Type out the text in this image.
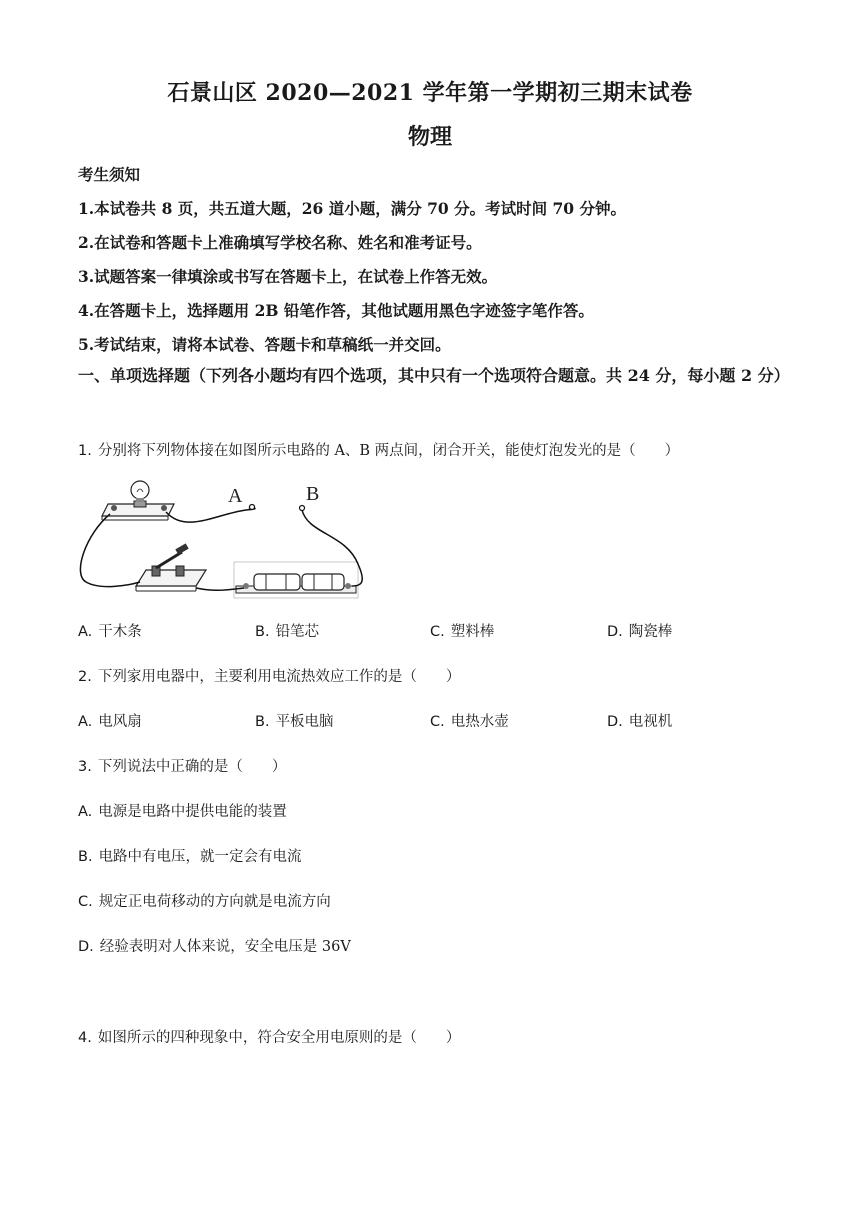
石景山区 2020—2021 学年第一学期初三期末试卷
物理
考生须知
1.本试卷共 8 页，共五道大题，26 道小题，满分 70 分。考试时间 70 分钟。
2.在试卷和答题卡上准确填写学校名称、姓名和准考证号。
3.试题答案一律填涂或书写在答题卡上，在试卷上作答无效。
4.在答题卡上，选择题用 2B 铅笔作答，其他试题用黑色字迹签字笔作答。
5.考试结束，请将本试卷、答题卡和草稿纸一并交回。
一、单项选择题（下列各小题均有四个选项，其中只有一个选项符合题意。共 24 分，每小题 2 分）
1. 分别将下列物体接在如图所示电路的 A、B 两点间，闭合开关，能使灯泡发光的是（　　）
A	B
A. 干木条	B. 铅笔芯	C. 塑料棒	D. 陶瓷棒
2. 下列家用电器中，主要利用电流热效应工作的是（　　）
A. 电风扇	B. 平板电脑	C. 电热水壶	D. 电视机
3. 下列说法中正确的是（　　）
A. 电源是电路中提供电能的装置
B. 电路中有电压，就一定会有电流
C. 规定正电荷移动的方向就是电流方向
D. 经验表明对人体来说，安全电压是 36V
4. 如图所示的四种现象中，符合安全用电原则的是（　　）
